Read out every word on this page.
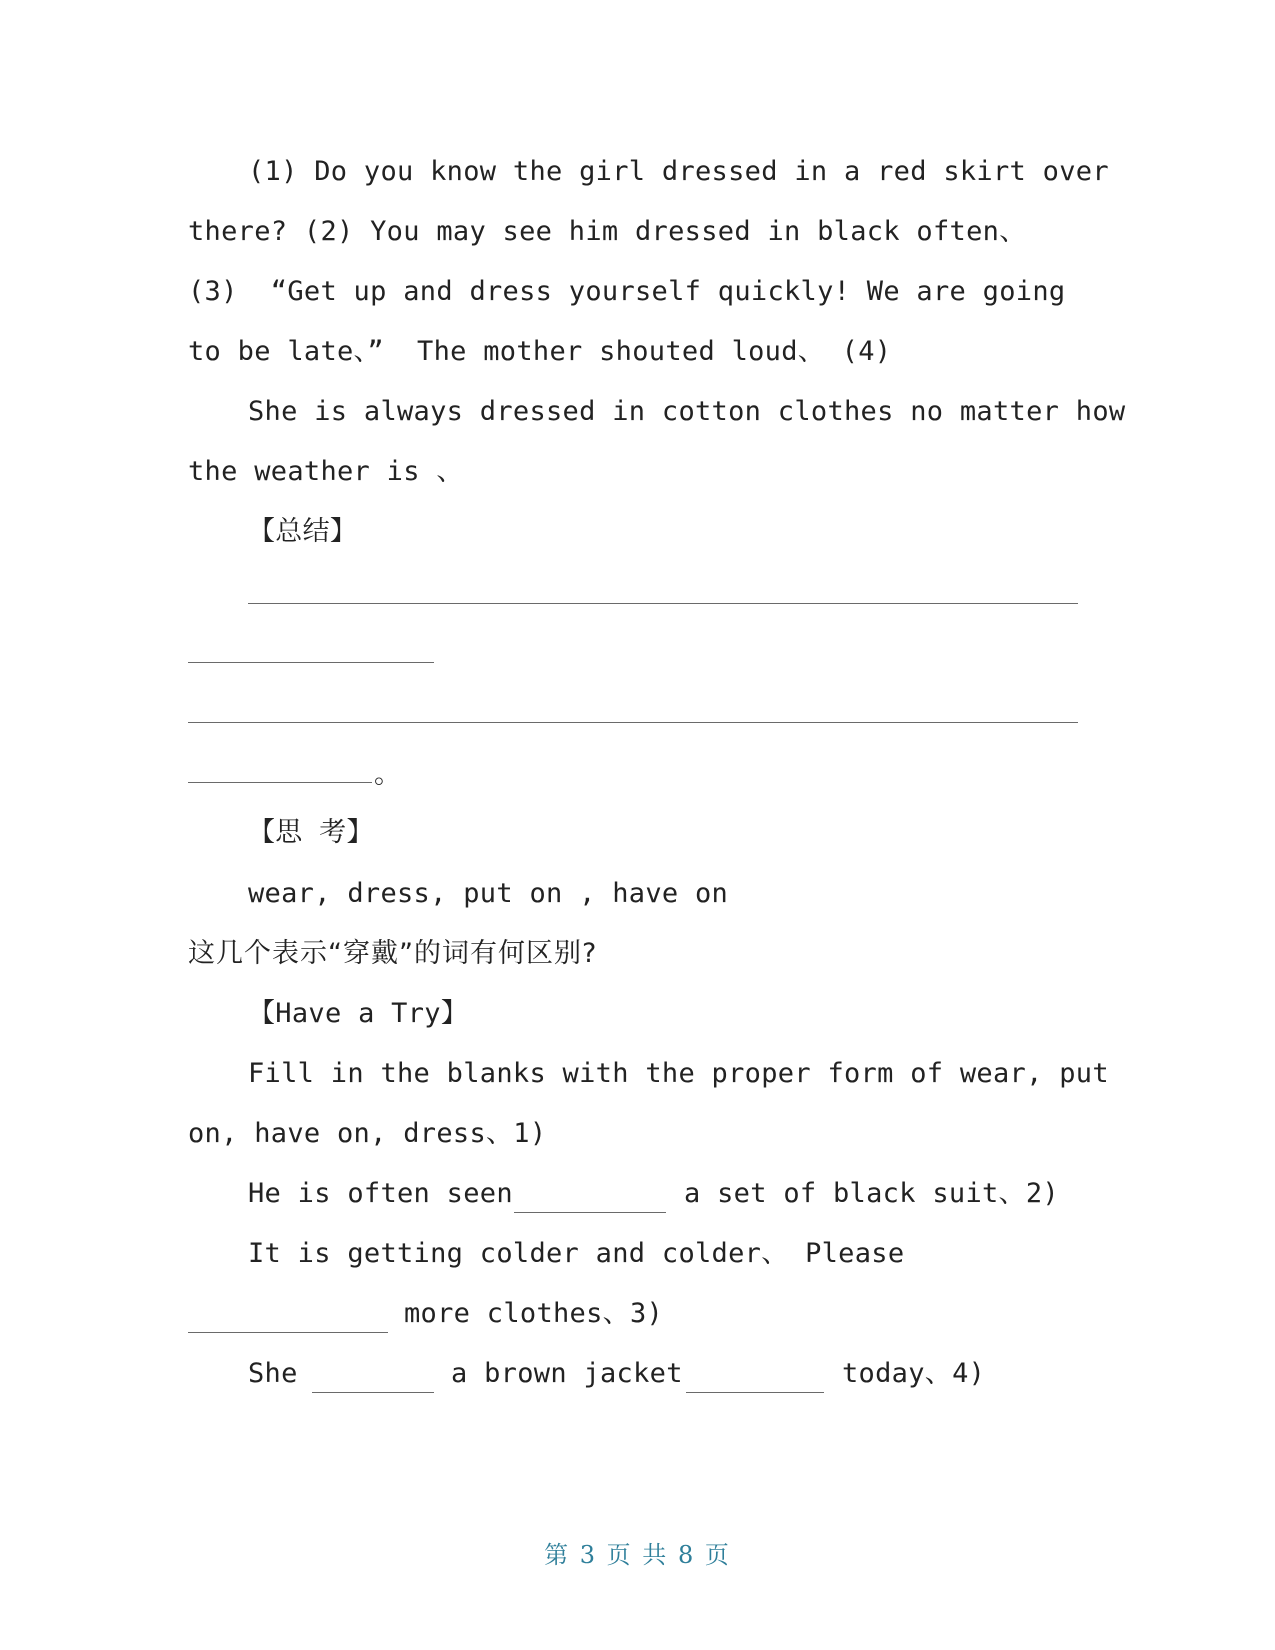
(1) Do you know the girl dressed in a red skirt over
there? (2) You may see him dressed in black often、
(3)  “Get up and dress yourself quickly! We are going
to be late、”  The mother shouted loud、 (4)
She is always dressed in cotton clothes no matter how
the weather is 、
【总结】
。
【思 考】
wear, dress, put on , have on
这几个表示“穿戴”的词有何区别?
【Have a Try】
Fill in the blanks with the proper form of wear, put
on, have on, dress、1)
He is often seen	a set of black suit、2)
It is getting colder and colder、 Please
more clothes、3)
She	a brown jacket	today、4)
第 3 页 共 8 页
